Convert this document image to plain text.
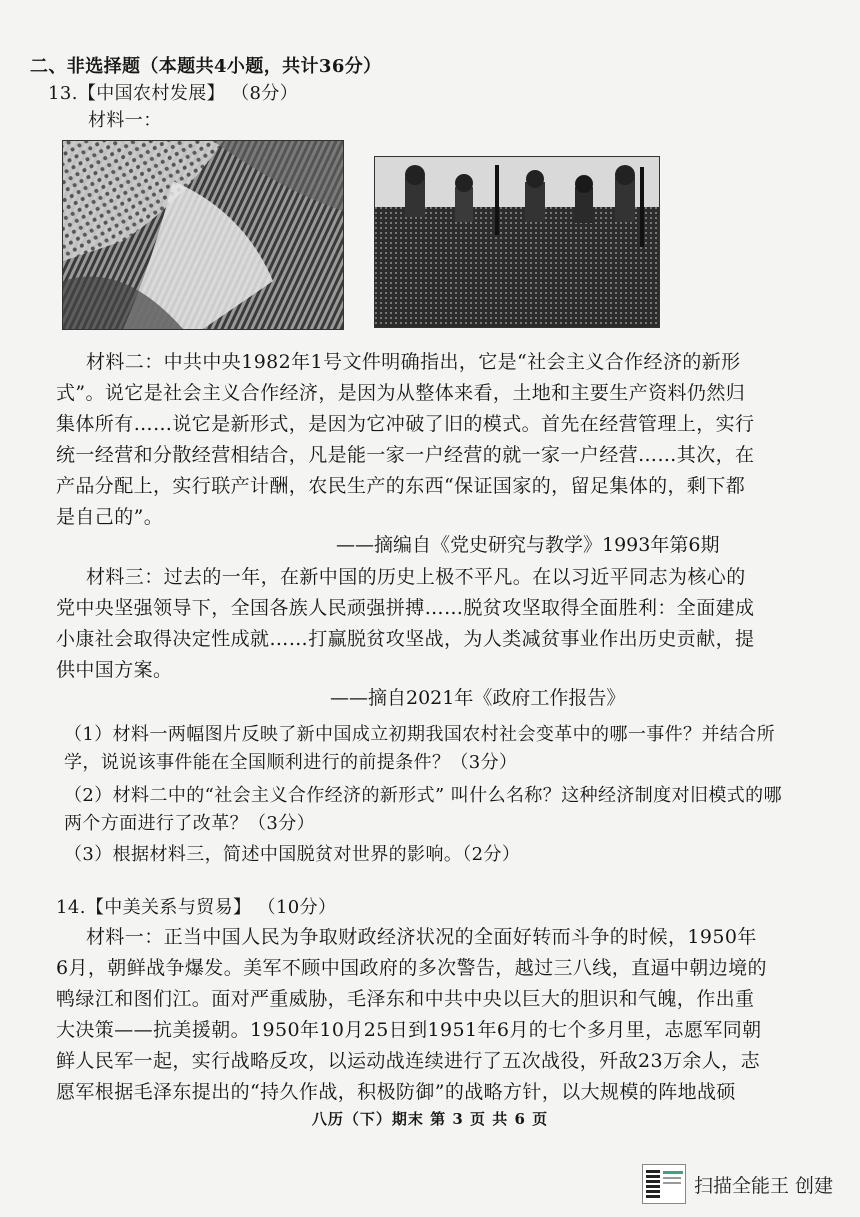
二、非选择题（本题共4小题，共计36分）
13.【中国农村发展】 （8分）
材料一：
材料二：中共中央1982年1号文件明确指出，它是“社会主义合作经济的新形
式”。说它是社会主义合作经济，是因为从整体来看，土地和主要生产资料仍然归
集体所有……说它是新形式，是因为它冲破了旧的模式。首先在经营管理上，实行
统一经营和分散经营相结合，凡是能一家一户经营的就一家一户经营……其次，在
产品分配上，实行联产计酬，农民生产的东西“保证国家的，留足集体的，剩下都
是自己的”。
——摘编自《党史研究与教学》1993年第6期
材料三：过去的一年，在新中国的历史上极不平凡。在以习近平同志为核心的
党中央坚强领导下，全国各族人民顽强拼搏……脱贫攻坚取得全面胜利：全面建成
小康社会取得决定性成就……打赢脱贫攻坚战，为人类减贫事业作出历史贡献，提
供中国方案。
——摘自2021年《政府工作报告》
（1）材料一两幅图片反映了新中国成立初期我国农村社会变革中的哪一事件？并结合所
学，说说该事件能在全国顺利进行的前提条件？（3分）
（2）材料二中的“社会主义合作经济的新形式” 叫什么名称？这种经济制度对旧模式的哪
两个方面进行了改革？（3分）
（3）根据材料三，简述中国脱贫对世界的影响。（2分）
14.【中美关系与贸易】 （10分）
材料一：正当中国人民为争取财政经济状况的全面好转而斗争的时候，1950年
6月，朝鲜战争爆发。美军不顾中国政府的多次警告，越过三八线，直逼中朝边境的
鸭绿江和图们江。面对严重威胁，毛泽东和中共中央以巨大的胆识和气魄，作出重
大决策——抗美援朝。1950年10月25日到1951年6月的七个多月里，志愿军同朝
鲜人民军一起，实行战略反攻，以运动战连续进行了五次战役，歼敌23万余人，志
愿军根据毛泽东提出的“持久作战，积极防御”的战略方针，以大规模的阵地战硕
八历（下）期末 第 3 页 共 6 页
扫描全能王 创建
